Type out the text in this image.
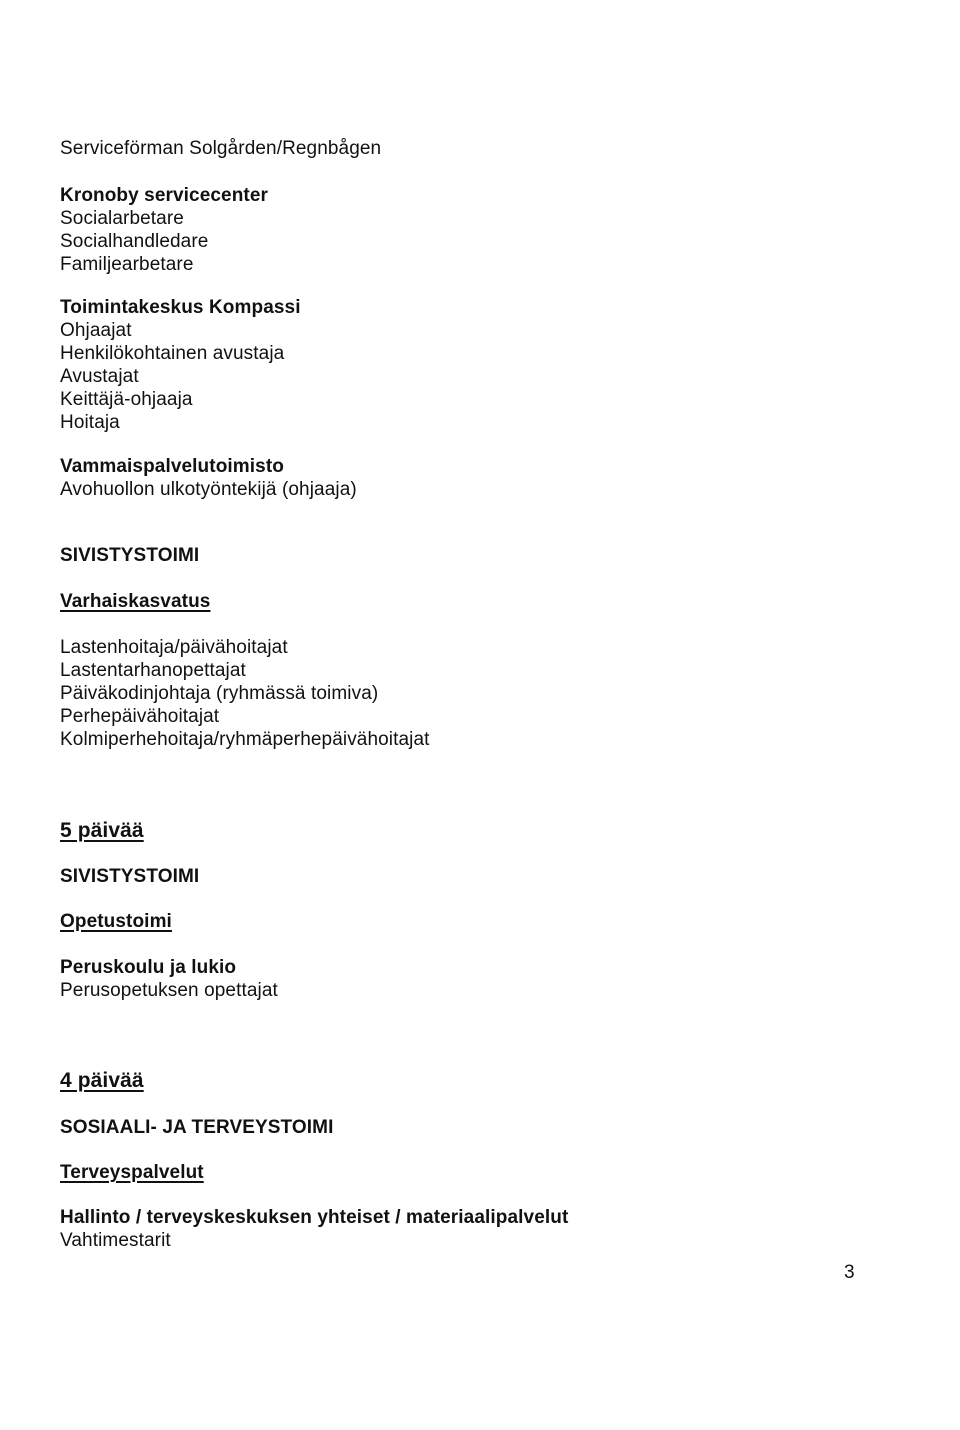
Serviceförman Solgården/Regnbågen
Kronoby servicecenter
Socialarbetare
Socialhandledare
Familjearbetare
Toimintakeskus Kompassi
Ohjaajat
Henkilökohtainen avustaja
Avustajat
Keittäjä-ohjaaja
Hoitaja
Vammaispalvelutoimisto
Avohuollon ulkotyöntekijä (ohjaaja)
SIVISTYSTOIMI
Varhaiskasvatus
Lastenhoitaja/päivähoitajat
Lastentarhanopettajat
Päiväkodinjohtaja (ryhmässä toimiva)
Perhepäivähoitajat
Kolmiperhehoitaja/ryhmäperhepäivähoitajat
5 päivää
SIVISTYSTOIMI
Opetustoimi
Peruskoulu ja lukio
Perusopetuksen opettajat
4 päivää
SOSIAALI- JA TERVEYSTOIMI
Terveyspalvelut
Hallinto / terveyskeskuksen yhteiset / materiaalipalvelut
Vahtimestarit
3
